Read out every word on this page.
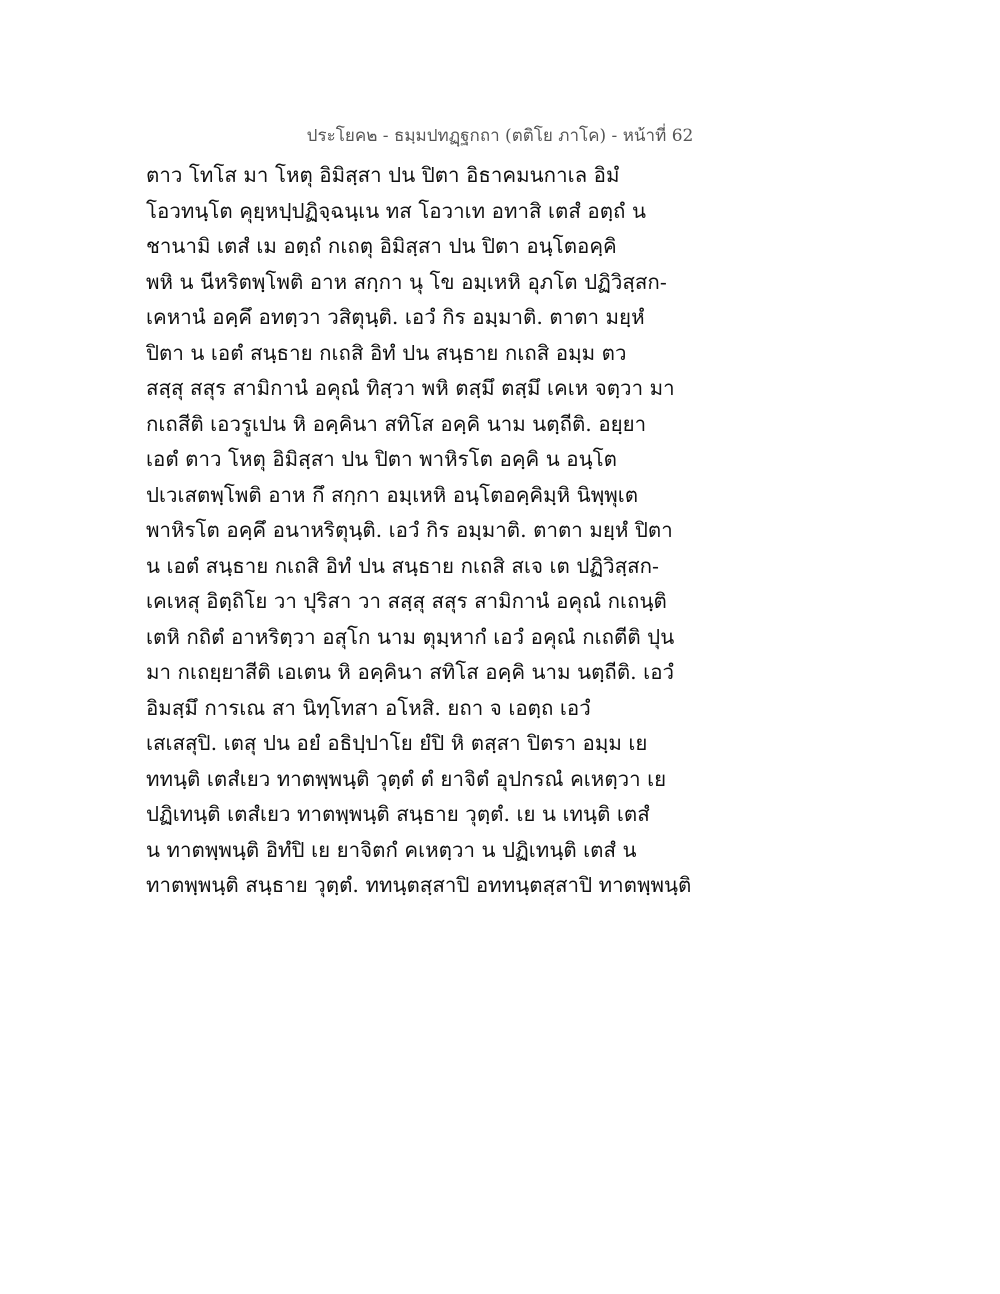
ประโยค๒ - ธมฺมปทฏฺฐกถา (ตติโย ภาโค) - หน้าที่ 62
ตาว โทโส มา โหตุ อิมิสฺสา ปน ปิตา อิธาคมนกาเล อิมํ
โอวทนฺโต คุยฺหปฺปฏิจฺฉนฺเน ทส โอวาเท อทาสิ เตสํ อตฺถํ น
ชานามิ เตสํ เม อตฺถํ กเถตุ อิมิสฺสา ปน ปิตา อนฺโตอคฺคิ
พหิ น นีหริตพฺโพติ อาห สกฺกา นุ โข อมฺเหหิ อุภโต ปฏิวิสฺสก-
เคหานํ อคฺคึ อทตฺวา วสิตุนฺติ. เอวํ กิร อมฺมาติ. ตาตา มยฺหํ
ปิตา น เอตํ สนฺธาย กเถสิ อิทํ ปน สนฺธาย กเถสิ อมฺม ตว
สสฺสุ สสุร สามิกานํ อคุณํ ทิสฺวา พหิ ตสฺมึ ตสฺมึ เคเห จตฺวา มา
กเถสีติ เอวรูเปน หิ อคฺคินา สทิโส อคฺคิ นาม นตฺถีติ. อยฺยา
เอตํ ตาว โหตุ อิมิสฺสา ปน ปิตา พาหิรโต อคฺคิ น อนฺโต
ปเวเสตพฺโพติ อาห กึ สกฺกา อมฺเหหิ อนฺโตอคฺคิมฺหิ นิพฺพุเต
พาหิรโต อคฺคึ อนาหริตุนฺติ. เอวํ กิร อมฺมาติ. ตาตา มยฺหํ ปิตา
น เอตํ สนฺธาย กเถสิ อิทํ ปน สนฺธาย กเถสิ สเจ เต ปฏิวิสฺสก-
เคเหสุ อิตฺถิโย วา ปุริสา วา สสฺสุ สสุร สามิกานํ อคุณํ กเถนฺติ
เตหิ กถิตํ อาหริตฺวา อสุโก นาม ตุมฺหากํ เอวํ อคุณํ กเถตีติ ปุน
มา กเถยฺยาสีติ เอเตน หิ อคฺคินา สทิโส อคฺคิ นาม นตฺถีติ. เอวํ
อิมสฺมึ การเณ สา นิทฺโทสา อโหสิ. ยถา จ เอตฺถ เอวํ
เสเสสุปิ. เตสุ ปน อยํ อธิปฺปาโย ยํปิ หิ ตสฺสา ปิตรา อมฺม เย
ททนฺติ เตสํเยว ทาตพฺพนฺติ วุตฺตํ ตํ ยาจิตํ อุปกรณํ คเหตฺวา เย
ปฏิเทนฺติ เตสํเยว ทาตพฺพนฺติ สนฺธาย วุตฺตํ. เย น เทนฺติ เตสํ
น ทาตพฺพนฺติ อิทํปิ เย ยาจิตกํ คเหตฺวา น ปฏิเทนฺติ เตสํ น
ทาตพฺพนฺติ สนฺธาย วุตฺตํ. ททนฺตสฺสาปิ อททนฺตสฺสาปิ ทาตพฺพนฺติ
